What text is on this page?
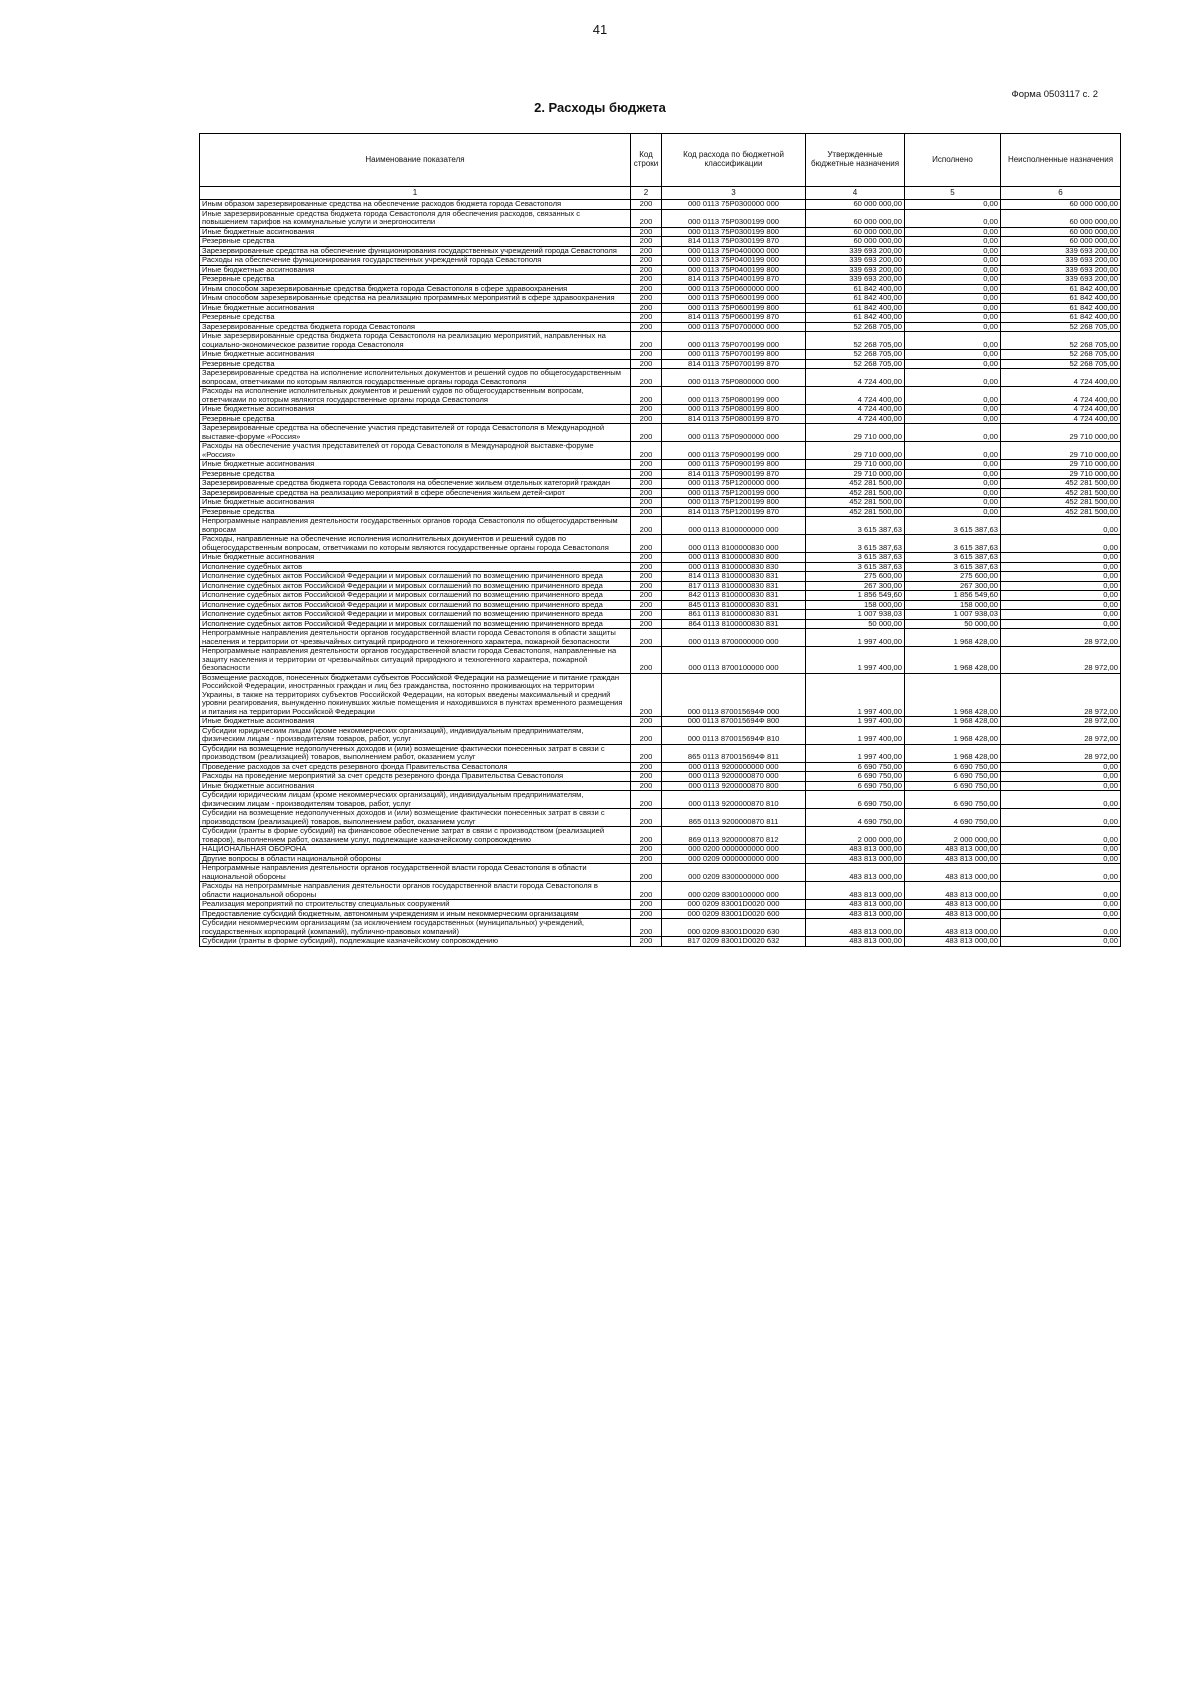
41
Форма 0503117 с. 2
2. Расходы бюджета
Наименование показателя	Код строки	Код расхода по бюджетной классификации	Утвержденные бюджетные назначения	Исполнено	Неисполненные назначения
1	2	3	4	5	6
Иным образом зарезервированные средства на обеспечение расходов бюджета города Севастополя	200	000 0113 75Р0300000 000	60 000 000,00	0,00	60 000 000,00
Иные зарезервированные средства бюджета города Севастополя для обеспечения расходов, связанных с повышением тарифов на коммунальные услуги и энергоносители	200	000 0113 75Р0300199 000	60 000 000,00	0,00	60 000 000,00
Иные бюджетные ассигнования	200	000 0113 75Р0300199 800	60 000 000,00	0,00	60 000 000,00
Резервные средства	200	814 0113 75Р0300199 870	60 000 000,00	0,00	60 000 000,00
Зарезервированные средства на обеспечение функционирования государственных учреждений города Севастополя	200	000 0113 75Р0400000 000	339 693 200,00	0,00	339 693 200,00
Расходы на обеспечение функционирования государственных учреждений города Севастополя	200	000 0113 75Р0400199 000	339 693 200,00	0,00	339 693 200,00
Иные бюджетные ассигнования	200	000 0113 75Р0400199 800	339 693 200,00	0,00	339 693 200,00
Резервные средства	200	814 0113 75Р0400199 870	339 693 200,00	0,00	339 693 200,00
Иным способом зарезервированные средства бюджета города Севастополя в сфере здравоохранения	200	000 0113 75Р0600000 000	61 842 400,00	0,00	61 842 400,00
Иным способом зарезервированные средства на реализацию программных мероприятий в сфере здравоохранения	200	000 0113 75Р0600199 000	61 842 400,00	0,00	61 842 400,00
Иные бюджетные ассигнования	200	000 0113 75Р0600199 800	61 842 400,00	0,00	61 842 400,00
Резервные средства	200	814 0113 75Р0600199 870	61 842 400,00	0,00	61 842 400,00
Зарезервированные средства бюджета города Севастополя	200	000 0113 75Р0700000 000	52 268 705,00	0,00	52 268 705,00
Иные зарезервированные средства бюджета города Севастополя на реализацию мероприятий, направленных на социально-экономическое развитие города Севастополя	200	000 0113 75Р0700199 000	52 268 705,00	0,00	52 268 705,00
Иные бюджетные ассигнования	200	000 0113 75Р0700199 800	52 268 705,00	0,00	52 268 705,00
Резервные средства	200	814 0113 75Р0700199 870	52 268 705,00	0,00	52 268 705,00
Зарезервированные средства на исполнение исполнительных документов и решений судов по общегосударственным вопросам, ответчиками по которым являются государственные органы города Севастополя	200	000 0113 75Р0800000 000	4 724 400,00	0,00	4 724 400,00
Расходы на исполнение исполнительных документов и решений судов по общегосударственным вопросам, ответчиками по которым являются государственные органы города Севастополя	200	000 0113 75Р0800199 000	4 724 400,00	0,00	4 724 400,00
Иные бюджетные ассигнования	200	000 0113 75Р0800199 800	4 724 400,00	0,00	4 724 400,00
Резервные средства	200	814 0113 75Р0800199 870	4 724 400,00	0,00	4 724 400,00
Зарезервированные средства на обеспечение участия представителей от города Севастополя в Международной выставке-форуме «Россия»	200	000 0113 75Р0900000 000	29 710 000,00	0,00	29 710 000,00
Расходы на обеспечение участия представителей от города Севастополя в Международной выставке-форуме «Россия»	200	000 0113 75Р0900199 000	29 710 000,00	0,00	29 710 000,00
Иные бюджетные ассигнования	200	000 0113 75Р0900199 800	29 710 000,00	0,00	29 710 000,00
Резервные средства	200	814 0113 75Р0900199 870	29 710 000,00	0,00	29 710 000,00
Зарезервированные средства бюджета города Севастополя на обеспечение жильем отдельных категорий граждан	200	000 0113 75Р1200000 000	452 281 500,00	0,00	452 281 500,00
Зарезервированные средства на реализацию мероприятий в сфере обеспечения жильем детей-сирот	200	000 0113 75Р1200199 000	452 281 500,00	0,00	452 281 500,00
Иные бюджетные ассигнования	200	000 0113 75Р1200199 800	452 281 500,00	0,00	452 281 500,00
Резервные средства	200	814 0113 75Р1200199 870	452 281 500,00	0,00	452 281 500,00
Непрограммные направления деятельности государственных органов города Севастополя по общегосударственным вопросам	200	000 0113 8100000000 000	3 615 387,63	3 615 387,63	0,00
Расходы, направленные на обеспечение исполнения исполнительных документов и решений судов по общегосударственным вопросам, ответчиками по которым являются государственные органы города Севастополя	200	000 0113 8100000830 000	3 615 387,63	3 615 387,63	0,00
Иные бюджетные ассигнования	200	000 0113 8100000830 800	3 615 387,63	3 615 387,63	0,00
Исполнение судебных актов	200	000 0113 8100000830 830	3 615 387,63	3 615 387,63	0,00
Исполнение судебных актов Российской Федерации и мировых соглашений по возмещению причиненного вреда	200	814 0113 8100000830 831	275 600,00	275 600,00	0,00
Исполнение судебных актов Российской Федерации и мировых соглашений по возмещению причиненного вреда	200	817 0113 8100000830 831	267 300,00	267 300,00	0,00
Исполнение судебных актов Российской Федерации и мировых соглашений по возмещению причиненного вреда	200	842 0113 8100000830 831	1 856 549,60	1 856 549,60	0,00
Исполнение судебных актов Российской Федерации и мировых соглашений по возмещению причиненного вреда	200	845 0113 8100000830 831	158 000,00	158 000,00	0,00
Исполнение судебных актов Российской Федерации и мировых соглашений по возмещению причиненного вреда	200	861 0113 8100000830 831	1 007 938,03	1 007 938,03	0,00
Исполнение судебных актов Российской Федерации и мировых соглашений по возмещению причиненного вреда	200	864 0113 8100000830 831	50 000,00	50 000,00	0,00
Непрограммные направления деятельности органов государственной власти города Севастополя в области защиты населения и территории от чрезвычайных ситуаций природного и техногенного характера, пожарной безопасности	200	000 0113 8700000000 000	1 997 400,00	1 968 428,00	28 972,00
Непрограммные направления деятельности органов государственной власти города Севастополя, направленные на защиту населения и территории от чрезвычайных ситуаций природного и техногенного характера, пожарной безопасности	200	000 0113 8700100000 000	1 997 400,00	1 968 428,00	28 972,00
Возмещение расходов, понесенных бюджетами субъектов Российской Федерации на размещение и питание граждан Российской Федерации, иностранных граждан и лиц без гражданства, постоянно проживающих на территории Украины, в также на территориях субъектов Российской Федерации, на которых введены максимальный и средний уровни реагирования, вынужденно покинувших жилые помещения и находившихся в пунктах временного размещения и питания на территории Российской Федерации	200	000 0113 870015694Ф 000	1 997 400,00	1 968 428,00	28 972,00
Иные бюджетные ассигнования	200	000 0113 870015694Ф 800	1 997 400,00	1 968 428,00	28 972,00
Субсидии юридическим лицам (кроме некоммерческих организаций), индивидуальным предпринимателям, физическим лицам - производителям товаров, работ, услуг	200	000 0113 870015694Ф 810	1 997 400,00	1 968 428,00	28 972,00
Субсидии на возмещение недополученных доходов и (или) возмещение фактически понесенных затрат в связи с производством (реализацией) товаров, выполнением работ, оказанием услуг	200	865 0113 870015694Ф 811	1 997 400,00	1 968 428,00	28 972,00
Проведение расходов за счет средств резервного фонда Правительства Севастополя	200	000 0113 9200000000 000	6 690 750,00	6 690 750,00	0,00
Расходы на проведение мероприятий за счет средств резервного фонда Правительства Севастополя	200	000 0113 9200000870 000	6 690 750,00	6 690 750,00	0,00
Иные бюджетные ассигнования	200	000 0113 9200000870 800	6 690 750,00	6 690 750,00	0,00
Субсидии юридическим лицам (кроме некоммерческих организаций), индивидуальным предпринимателям, физическим лицам - производителям товаров, работ, услуг	200	000 0113 9200000870 810	6 690 750,00	6 690 750,00	0,00
Субсидии на возмещение недополученных доходов и (или) возмещение фактически понесенных затрат в связи с производством (реализацией) товаров, выполнением работ, оказанием услуг	200	865 0113 9200000870 811	4 690 750,00	4 690 750,00	0,00
Субсидии (гранты в форме субсидий) на финансовое обеспечение затрат в связи с производством (реализацией товаров), выполнением работ, оказанием услуг, подлежащие казначейскому сопровождению	200	869 0113 9200000870 812	2 000 000,00	2 000 000,00	0,00
НАЦИОНАЛЬНАЯ ОБОРОНА	200	000 0200 0000000000 000	483 813 000,00	483 813 000,00	0,00
Другие вопросы в области национальной обороны	200	000 0209 0000000000 000	483 813 000,00	483 813 000,00	0,00
Непрограммные направления деятельности органов государственной власти города Севастополя в области национальной обороны	200	000 0209 8300000000 000	483 813 000,00	483 813 000,00	0,00
Расходы на непрограммные направления деятельности органов государственной власти города Севастополя в области национальной обороны	200	000 0209 8300100000 000	483 813 000,00	483 813 000,00	0,00
Реализация мероприятий по строительству специальных сооружений	200	000 0209 83001D0020 000	483 813 000,00	483 813 000,00	0,00
Предоставление субсидий бюджетным, автономным учреждениям и иным некоммерческим организациям	200	000 0209 83001D0020 600	483 813 000,00	483 813 000,00	0,00
Субсидии некоммерческим организациям (за исключением государственных (муниципальных) учреждений, государственных корпораций (компаний), публично-правовых компаний)	200	000 0209 83001D0020 630	483 813 000,00	483 813 000,00	0,00
Субсидии (гранты в форме субсидий), подлежащие казначейскому сопровождению	200	817 0209 83001D0020 632	483 813 000,00	483 813 000,00	0,00
